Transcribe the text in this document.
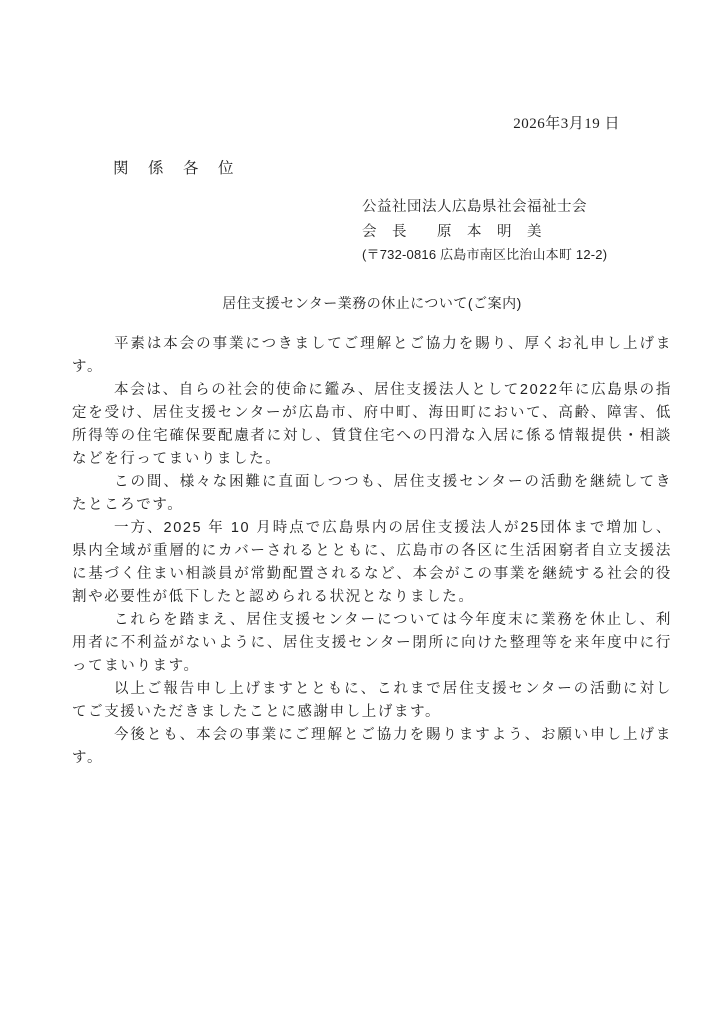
2026年3月19 日
関　係　各　位

公益社団法人広島県社会福祉士会

会　長　　原　本　明　美

(〒732-0816 広島市南区比治山本町 12-2)

居住支援センター業務の休止について(ご案内)

平素は本会の事業につきましてご理解とご協力を賜り、厚くお礼申し上げます。

本会は、自らの社会的使命に鑑み、居住支援法人として2022年に広島県の指定を受け、居住支援センターが広島市、府中町、海田町において、高齢、障害、低所得等の住宅確保要配慮者に対し、賃貸住宅への円滑な入居に係る情報提供・相談などを行ってまいりました。

この間、様々な困難に直面しつつも、居住支援センターの活動を継続してきたところです。

一方、2025 年 10 月時点で広島県内の居住支援法人が25団体まで増加し、県内全域が重層的にカバーされるとともに、広島市の各区に生活困窮者自立支援法に基づく住まい相談員が常勤配置されるなど、本会がこの事業を継続する社会的役割や必要性が低下したと認められる状況となりました。

これらを踏まえ、居住支援センターについては今年度末に業務を休止し、利用者に不利益がないように、居住支援センター閉所に向けた整理等を来年度中に行ってまいります。

以上ご報告申し上げますとともに、これまで居住支援センターの活動に対してご支援いただきましたことに感謝申し上げます。

今後とも、本会の事業にご理解とご協力を賜りますよう、お願い申し上げます。
